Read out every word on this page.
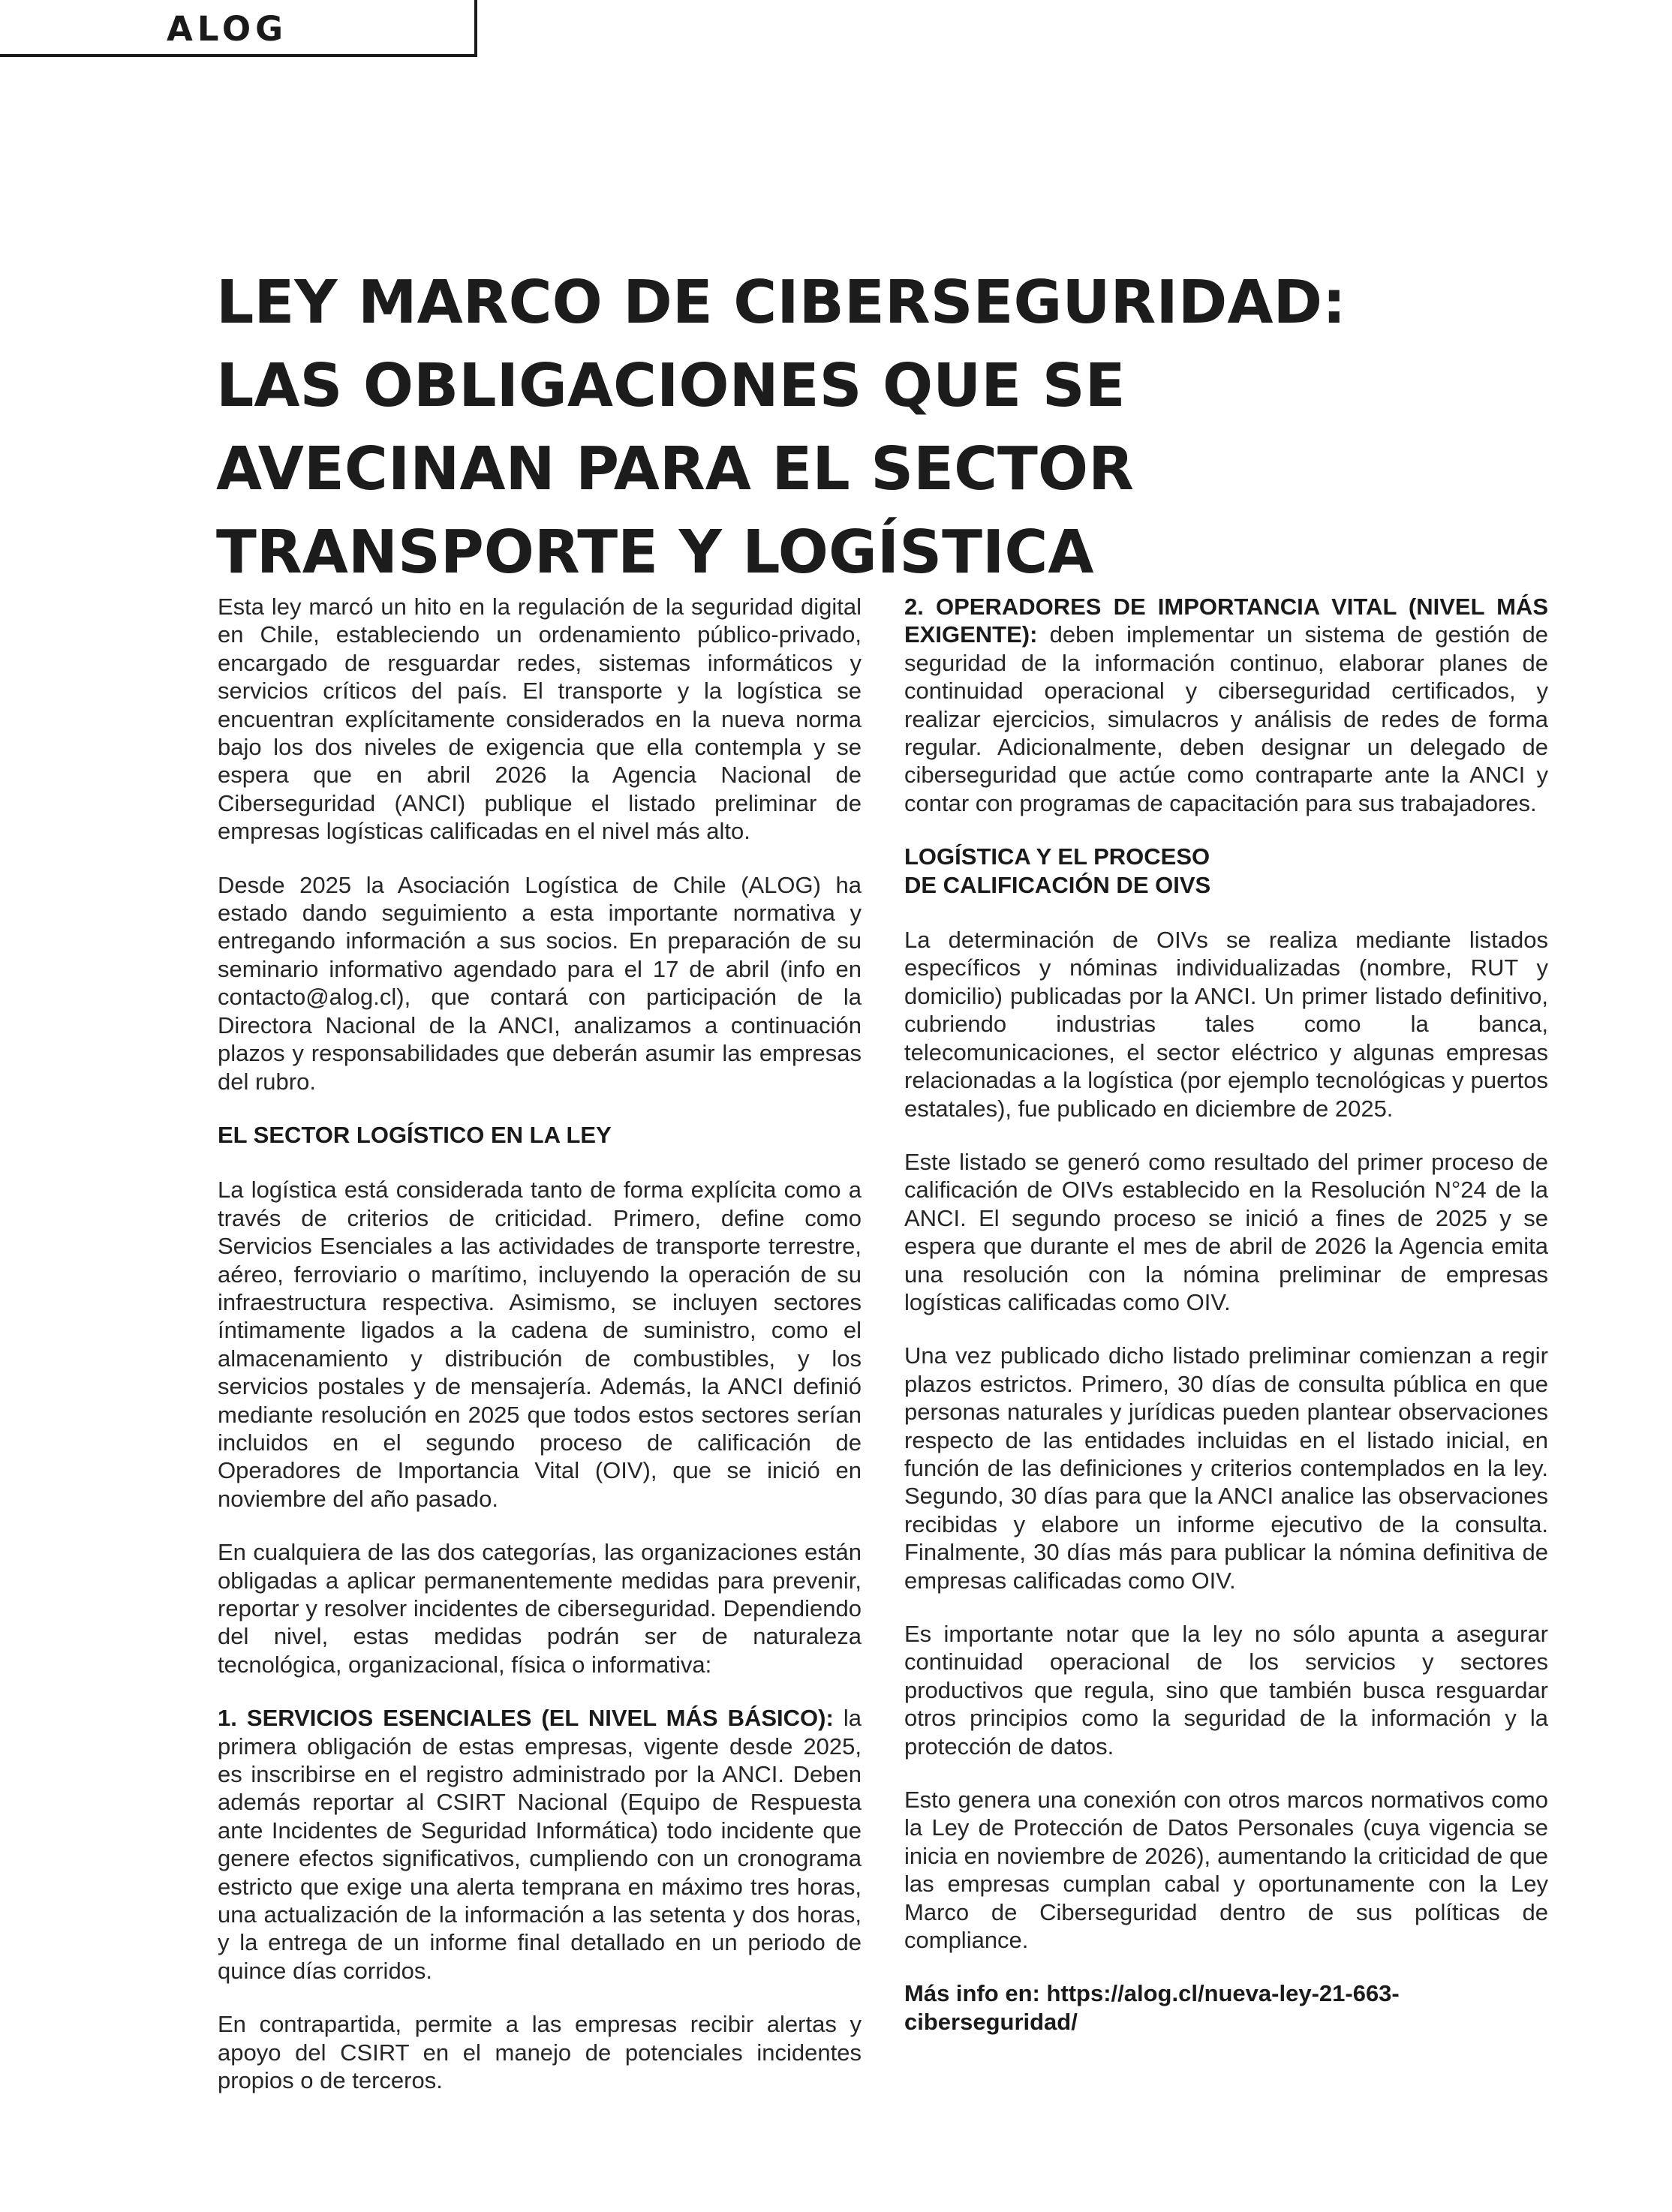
ALOG
LEY MARCO DE CIBERSEGURIDAD:
LAS OBLIGACIONES QUE SE
AVECINAN PARA EL SECTOR
TRANSPORTE Y LOGÍSTICA

Esta ley marcó un hito en la regulación de la seguridad digital en Chile, estableciendo un ordenamiento público-privado, encargado de resguardar redes, sistemas informáticos y servicios críticos del país. El transporte y la logística se encuentran explícitamente considerados en la nueva norma bajo los dos niveles de exigencia que ella contempla y se espera que en abril 2026 la Agencia Nacional de Ciberseguridad (ANCI) publique el listado preliminar de empresas logísticas calificadas en el nivel más alto.

Desde 2025 la Asociación Logística de Chile (ALOG) ha estado dando seguimiento a esta importante normativa y entregando información a sus socios. En preparación de su seminario informativo agendado para el 17 de abril (info en contacto@alog.cl), que contará con participación de la Directora Nacional de la ANCI, analizamos a continuación plazos y responsabilidades que deberán asumir las empresas del rubro.

EL SECTOR LOGÍSTICO EN LA LEY

La logística está considerada tanto de forma explícita como a través de criterios de criticidad. Primero, define como Servicios Esenciales a las actividades de transporte terrestre, aéreo, ferroviario o marítimo, incluyendo la operación de su infraestructura respectiva. Asimismo, se incluyen sectores íntimamente ligados a la cadena de suministro, como el almacenamiento y distribución de combustibles, y los servicios postales y de mensajería. Además, la ANCI definió mediante resolución en 2025 que todos estos sectores serían incluidos en el segundo proceso de calificación de Operadores de Importancia Vital (OIV), que se inició en noviembre del año pasado.

En cualquiera de las dos categorías, las organizaciones están obligadas a aplicar permanentemente medidas para prevenir, reportar y resolver incidentes de ciberseguridad. Dependiendo del nivel, estas medidas podrán ser de naturaleza tecnológica, organizacional, física o informativa:

1. SERVICIOS ESENCIALES (EL NIVEL MÁS BÁSICO): la primera obligación de estas empresas, vigente desde 2025, es inscribirse en el registro administrado por la ANCI. Deben además reportar al CSIRT Nacional (Equipo de Respuesta ante Incidentes de Seguridad Informática) todo incidente que genere efectos significativos, cumpliendo con un cronograma estricto que exige una alerta temprana en máximo tres horas, una actualización de la información a las setenta y dos horas, y la entrega de un informe final detallado en un periodo de quince días corridos.

En contrapartida, permite a las empresas recibir alertas y apoyo del CSIRT en el manejo de potenciales incidentes propios o de terceros.

2. OPERADORES DE IMPORTANCIA VITAL (NIVEL MÁS EXIGENTE): deben implementar un sistema de gestión de seguridad de la información continuo, elaborar planes de continuidad operacional y ciberseguridad certificados, y realizar ejercicios, simulacros y análisis de redes de forma regular. Adicionalmente, deben designar un delegado de ciberseguridad que actúe como contraparte ante la ANCI y contar con programas de capacitación para sus trabajadores.

LOGÍSTICA Y EL PROCESO
DE CALIFICACIÓN DE OIVS

La determinación de OIVs se realiza mediante listados específicos y nóminas individualizadas (nombre, RUT y domicilio) publicadas por la ANCI. Un primer listado definitivo, cubriendo industrias tales como la banca, telecomunicaciones, el sector eléctrico y algunas empresas relacionadas a la logística (por ejemplo tecnológicas y puertos estatales), fue publicado en diciembre de 2025.

Este listado se generó como resultado del primer proceso de calificación de OIVs establecido en la Resolución N°24 de la ANCI. El segundo proceso se inició a fines de 2025 y se espera que durante el mes de abril de 2026 la Agencia emita una resolución con la nómina preliminar de empresas logísticas calificadas como OIV.

Una vez publicado dicho listado preliminar comienzan a regir plazos estrictos. Primero, 30 días de consulta pública en que personas naturales y jurídicas pueden plantear observaciones respecto de las entidades incluidas en el listado inicial, en función de las definiciones y criterios contemplados en la ley. Segundo, 30 días para que la ANCI analice las observaciones recibidas y elabore un informe ejecutivo de la consulta. Finalmente, 30 días más para publicar la nómina definitiva de empresas calificadas como OIV.

Es importante notar que la ley no sólo apunta a asegurar continuidad operacional de los servicios y sectores productivos que regula, sino que también busca resguardar otros principios como la seguridad de la información y la protección de datos.

Esto genera una conexión con otros marcos normativos como la Ley de Protección de Datos Personales (cuya vigencia se inicia en noviembre de 2026), aumentando la criticidad de que las empresas cumplan cabal y oportunamente con la Ley Marco de Ciberseguridad dentro de sus políticas de compliance.

Más info en: https://alog.cl/nueva-ley-21-663-ciberseguridad/
